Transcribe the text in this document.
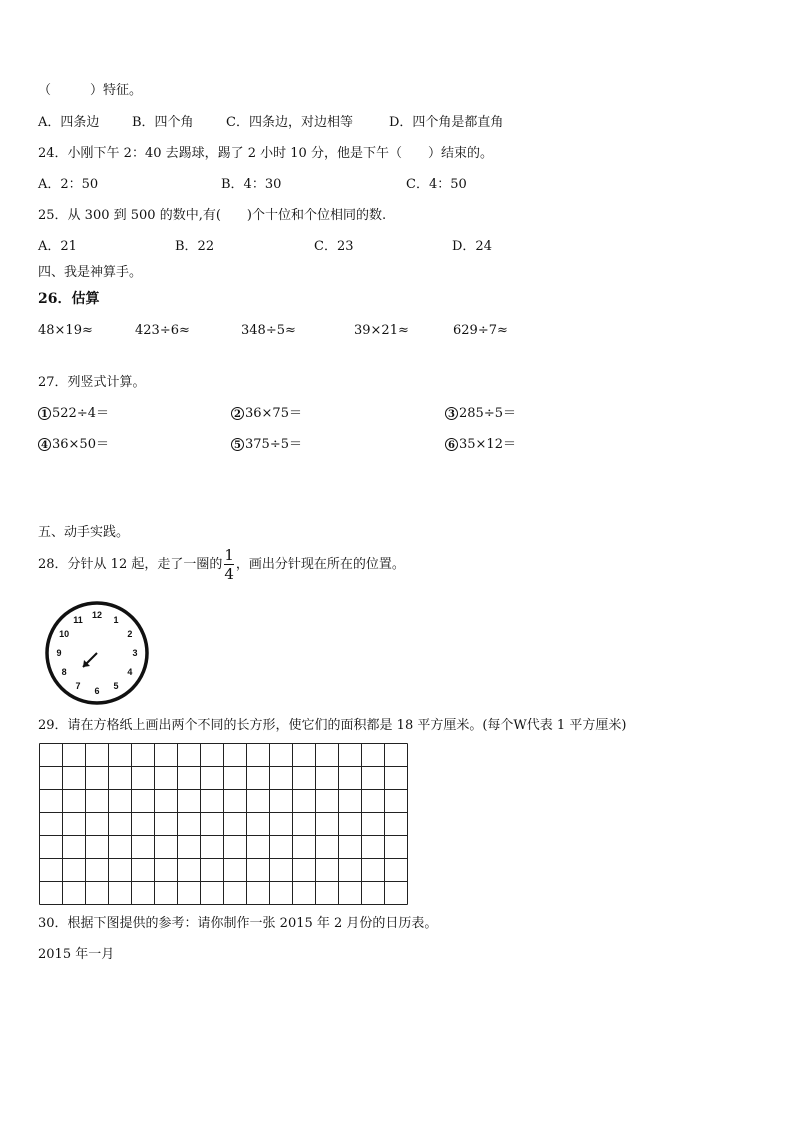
（　　　）特征。
A．四条边	B．四个角 C．四条边，对边相等	D．四个角是都直角
24．小刚下午 2：40 去踢球，踢了 2 小时 10 分，他是下午（　　）结束的。
A．2：50	B．4：30	C．4：50
25．从 300 到 500 的数中,有(　　)个十位和个位相同的数.
A．21	B．22	C．23	D．24
四、我是神算手。
26．估算
48×19≈	423÷6≈	348÷5≈	39×21≈	629÷7≈
27．列竖式计算。
1 522÷4＝	2 36×75＝	3 285÷5＝
4 36×50＝	5 375÷5＝	6 35×12＝
五、动手实践。
28．分针从 12 起，走了一圈的 $\frac{1}{4}$ ，画出分针现在所在的位置。
12
1
2
3
4
5
6
7
8
9
10
11
29．请在方格纸上画出两个不同的长方形，使它们的面积都是 18 平方厘米。(每个W代表 1 平方厘米)
30．根据下图提供的参考：请你制作一张 2015 年 2 月份的日历表。
2015 年一月
